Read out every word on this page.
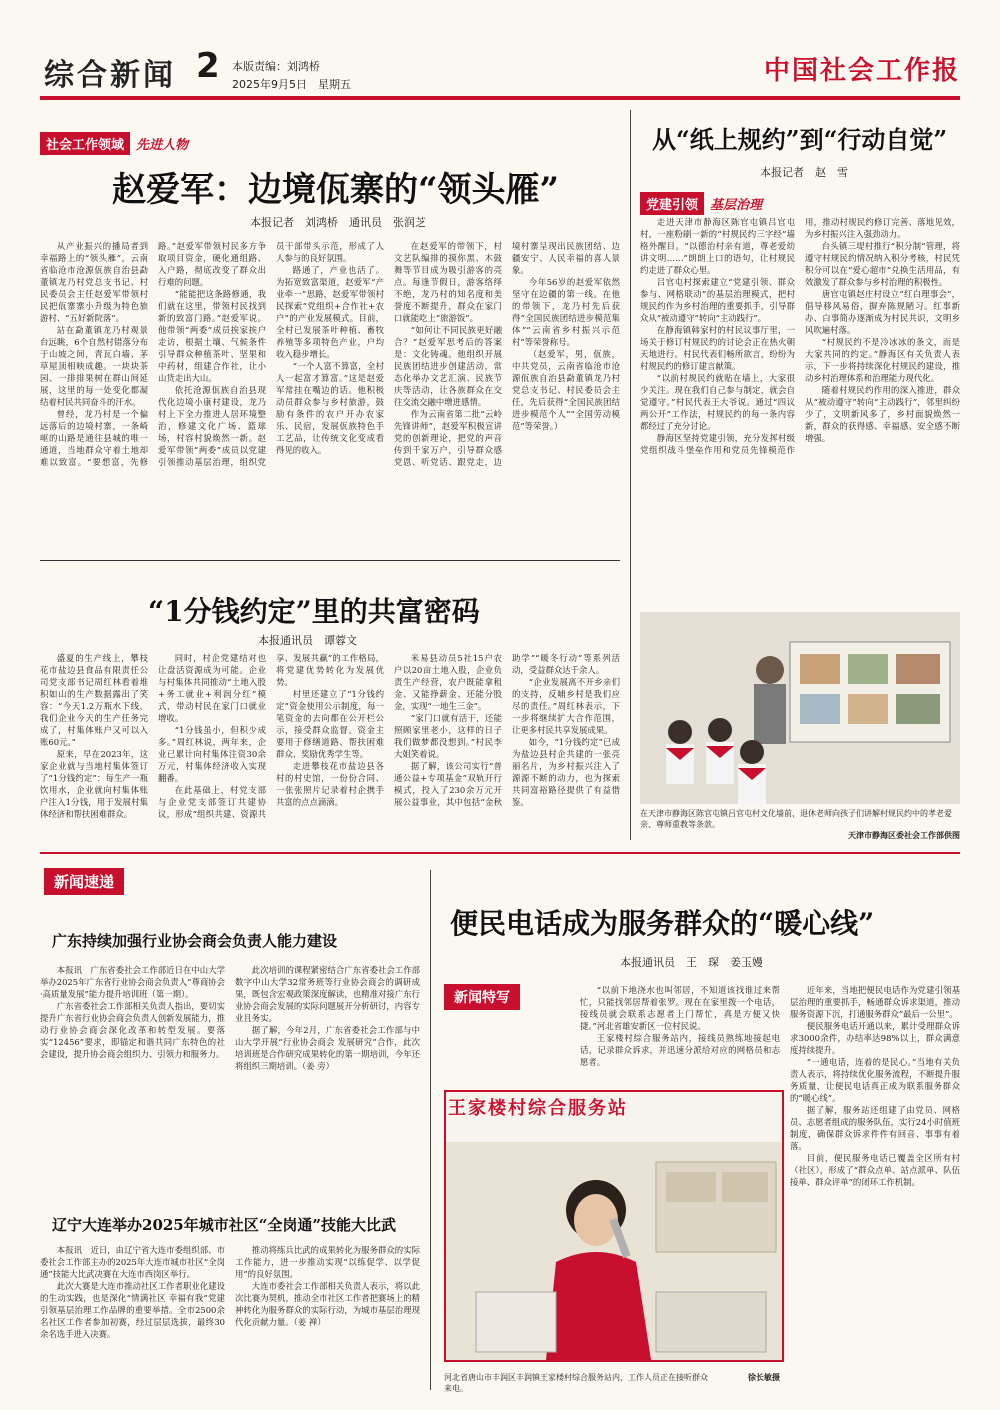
综合新闻 2 本版责编：刘鸿桥
2025年9月5日　星期五	中国社会工作报
社会工作领域 先进人物
赵爱军：边境佤寨的“领头雁”
本报记者　刘鸿桥　通讯员　张润芝

从产业振兴的播局者到幸福路上的“领头雁”，云南省临沧市沧源佤族自治县勐董镇龙乃村党总支书记、村民委员会主任赵爱军带领村民把佤寨寨小升级为特色旅游村、“五好新院落”。

站在勐董镇龙乃村观景台远眺，6个自然村错落分布于山坡之间，青瓦白墙、茅草屋顶相映成趣。一块块茶园、一排排果树在群山间延展，这里的每一处变化都凝结着村民共同奋斗的汗水。

曾经，龙乃村是一个偏远落后的边境村寨，一条崎岖的山路是通往县城的唯一通道，当地群众守着土地却难以致富。“要想富，先修路。”赵爱军带领村民多方争取项目资金，硬化通组路、入户路，彻底改变了群众出行难的问题。

“能能把这条路修通，我们就在这里，带领村民找到新的致富门路。”赵爱军说。他带领“两委”成员挨家挨户走访，根据土壤、气候条件引导群众种植茶叶、坚果和中药材，组建合作社，让小山货走出大山。

依托沧源佤族自治县现代化边境小康村建设，龙乃村上下全力推进人居环境整治，修建文化广场、篮球场，村容村貌焕然一新。赵爱军带领“两委”成员以党建引领推动基层治理，组织党员干部带头示范，形成了人人参与的良好氛围。

路通了，产业也活了。为拓宽致富渠道，赵爱军“产业牵一”思路，赵爱军带领村民探索“党组织+合作社+农户”的产业发展模式。目前，全村已发展茶叶种植、畜牧养殖等多项特色产业，户均收入稳步增长。

“一个人富不算富，全村人一起富才算富。”这是赵爱军常挂在嘴边的话。他积极动员群众参与乡村旅游，鼓励有条件的农户开办农家乐、民宿，发展佤族特色手工艺品，让传统文化变成看得见的收入。

在赵爱军的带领下，村文艺队编排的摸你黑、木鼓舞等节目成为吸引游客的亮点。每逢节假日，游客络绎不绝，龙乃村的知名度和美誉度不断提升，群众在家门口就能吃上“旅游饭”。

“如何让不同民族更好融合？”赵爱军思考后的答案是：文化铸魂。他组织开展民族团结进步创建活动，常态化举办文艺汇演、民族节庆等活动，让各族群众在交往交流交融中增进感情。

作为云南省第二批“云岭先锋讲师”，赵爱军积极宣讲党的创新理论，把党的声音传到千家万户，引导群众感党恩、听党话、跟党走，边境村寨呈现出民族团结、边疆安宁、人民幸福的喜人景象。

今年56岁的赵爱军依然坚守在边疆的第一线。在他的带领下，龙乃村先后获得“全国民族团结进步模范集体”“云南省乡村振兴示范村”等荣誉称号。

（赵爱军，男，佤族，中共党员，云南省临沧市沧源佤族自治县勐董镇龙乃村党总支书记、村民委员会主任，先后获得“全国民族团结进步模范个人”“全国劳动模范”等荣誉。）

“1分钱约定”里的共富密码
本报通讯员　谭蓉文

盛夏的生产线上，攀枝花市盐边县食品有限责任公司党支部书记周红林看着堆积如山的生产数据露出了笑容：“今天1.2万瓶水下线，我们企业今天的生产任务完成了，村集体账户又可以入账60元。”

原来，早在2023年，这家企业就与当地村集体签订了“1分钱约定”：每生产一瓶饮用水，企业就向村集体账户注入1分钱，用于发展村集体经济和帮扶困难群众。

同时，村企党建结对也让盘活资源成为可能。企业与村集体共同推动“土地入股+务工就业+利润分红”模式，带动村民在家门口就业增收。

“1分钱虽小，但积少成多。”周红林说，两年来，企业已累计向村集体注资30余万元，村集体经济收入实现翻番。

在此基础上，村党支部与企业党支部签订共建协议，形成“组织共建、资源共享、发展共赢”的工作格局，将党建优势转化为发展优势。

村里还建立了“1分钱约定”资金使用公示制度，每一笔资金的去向都在公开栏公示，接受群众监督。资金主要用于修缮道路、帮扶困难群众、奖励优秀学生等。

走进攀枝花市盐边县各村的村史馆，一份份合同、一张张照片记录着村企携手共富的点点滴滴。

米易县动员5社15户农户以20亩土地入股，企业负责生产经营，农户既能拿租金、又能挣薪金、还能分股金，实现“一地生三金”。

“家门口就有活干，还能照顾家里老小，这样的日子我们做梦都没想到。”村民李大姐笑着说。

据了解，该公司实行“普通公益+专项基金”双轨开行模式，投入了230余万元开展公益事业，其中包括“金秋助学”“暖冬行动”等系列活动，受益群众达千余人。

“企业发展离不开乡亲们的支持，反哺乡村是我们应尽的责任。”周红林表示，下一步将继续扩大合作范围，让更多村民共享发展成果。

如今，“1分钱约定”已成为盐边县村企共建的一张亮丽名片，为乡村振兴注入了源源不断的动力，也为探索共同富裕路径提供了有益借鉴。

从“纸上规约”到“行动自觉”
本报记者　赵　雪
党建引领 基层治理

走进天津市静海区陈官屯镇吕官屯村，一座粉刷一新的“村规民约三字经”墙格外醒目。“以德治村亲有道，尊老爱幼讲文明……”朗朗上口的语句，让村规民约走进了群众心里。

吕官屯村探索建立“党建引领、群众参与、网格联动”的基层治理模式，把村规民约作为乡村治理的重要抓手，引导群众从“被动遵守”转向“主动践行”。

在静海镇韩家村的村民议事厅里，一场关于修订村规民约的讨论会正在热火朝天地进行。村民代表们畅所欲言，纷纷为村规民约的修订建言献策。

“以前村规民约就贴在墙上，大家很少关注。现在我们自己参与制定，就会自觉遵守。”村民代表王大爷说。通过“四议两公开”工作法，村规民约的每一条内容都经过了充分讨论。

静海区坚持党建引领，充分发挥村级党组织战斗堡垒作用和党员先锋模范作用，推动村规民约修订完善、落地见效，为乡村振兴注入强劲动力。

台头镇三堤村推行“积分制”管理，将遵守村规民约情况纳入积分考核，村民凭积分可以在“爱心超市”兑换生活用品，有效激发了群众参与乡村治理的积极性。

唐官屯镇赵庄村设立“红白理事会”，倡导移风易俗，摒弃陈规陋习。红事新办、白事简办逐渐成为村民共识，文明乡风吹遍村落。

“村规民约不是冷冰冰的条文，而是大家共同的约定。”静海区有关负责人表示，下一步将持续深化村规民约建设，推动乡村治理体系和治理能力现代化。

随着村规民约作用的深入推进，群众从“被动遵守”转向“主动践行”，邻里纠纷少了，文明新风多了，乡村面貌焕然一新，群众的获得感、幸福感、安全感不断增强。

在天津市静海区陈官屯镇吕官屯村文化墙前，退休老师向孩子们讲解村规民约中的孝老爱亲、尊师重教等条款。
天津市静海区委社会工作部供图
新闻速递
广东持续加强行业协会商会负责人能力建设

本报讯　广东省委社会工作部近日在中山大学举办2025年广东省行业协会商会负责人“尊商协会·高质量发展”能力提升培训班（第一期）。

广东省委社会工作部相关负责人指出，要切实提升广东省行业协会商会负责人创新发展能力，推动行业协会商会深化改革和转型发展。要落实“12456”要求，即锚定和谐共同广东特色的社会建设，提升协会商会组织力、引领力和服务力。

此次培训的课程紧密结合广东省委社会工作部数字中山大学32常务班等行业协会商会的调研成果，既包含宏观政策深度解读，也精准对接广东行业协会商会发展的实际问题展开分析研讨，内容专业且务实。

据了解，今年2月，广东省委社会工作部与中山大学开展“行业协会商会 发展研究”合作，此次培训班是合作研究成果转化的第一期培训，今年还将组织三期培训。（姜 旁）

辽宁大连举办2025年城市社区“全岗通”技能大比武

本报讯　近日，由辽宁省大连市委组织部、市委社会工作部主办的2025年大连市城市社区“全岗通”技能大比武决赛在大连市西岗区举行。

此次大赛是大连市推动社区工作者职业化建设的生动实践，也是深化“情满社区 幸福有我”党建引领基层治理工作品牌的重要举措。全市2500余名社区工作者参加初赛，经过层层选拔，最终30余名选手进入决赛。

推动将练兵比武的成果转化为服务群众的实际工作能力，进一步推动实现“以练促学、以学促用”的良好氛围。

大连市委社会工作部相关负责人表示，将以此次比赛为契机，推动全市社区工作者把赛场上的精神转化为服务群众的实际行动，为城市基层治理现代化贡献力量。（姜 禅）

便民电话成为服务群众的“暖心线”
本报通讯员　王　琛　姜玉嫚
新闻特写	“以前下地浇水也叫邻居，不知道该找谁过来帮忙，只能找邻居帮着张罗。现在在家里拨一个电话，接线员就会联系志愿者上门帮忙，真是方便又快捷。”河北省雄安新区一位村民说。

王家楼村综合服务站内，接线员熟练地接起电话，记录群众诉求，并迅速分派给对应的网格员和志愿者。

近年来，当地把便民电话作为党建引领基层治理的重要抓手，畅通群众诉求渠道，推动服务资源下沉，打通服务群众“最后一公里”。

便民服务电话开通以来，累计受理群众诉求3000余件，办结率达98%以上，群众满意度持续提升。

“一通电话，连着的是民心。”当地有关负责人表示，将持续优化服务流程，不断提升服务质量，让便民电话真正成为联系服务群众的“暖心线”。

据了解，服务站还组建了由党员、网格员、志愿者组成的服务队伍，实行24小时值班制度，确保群众诉求件件有回音、事事有着落。

目前，便民服务电话已覆盖全区所有村（社区），形成了“群众点单、站点派单、队伍接单、群众评单”的闭环工作机制。

王家楼村综合服务站
河北省唐山市丰润区丰润镇王家楼村综合服务站内，工作人员正在接听群众来电。
徐长敏摄
